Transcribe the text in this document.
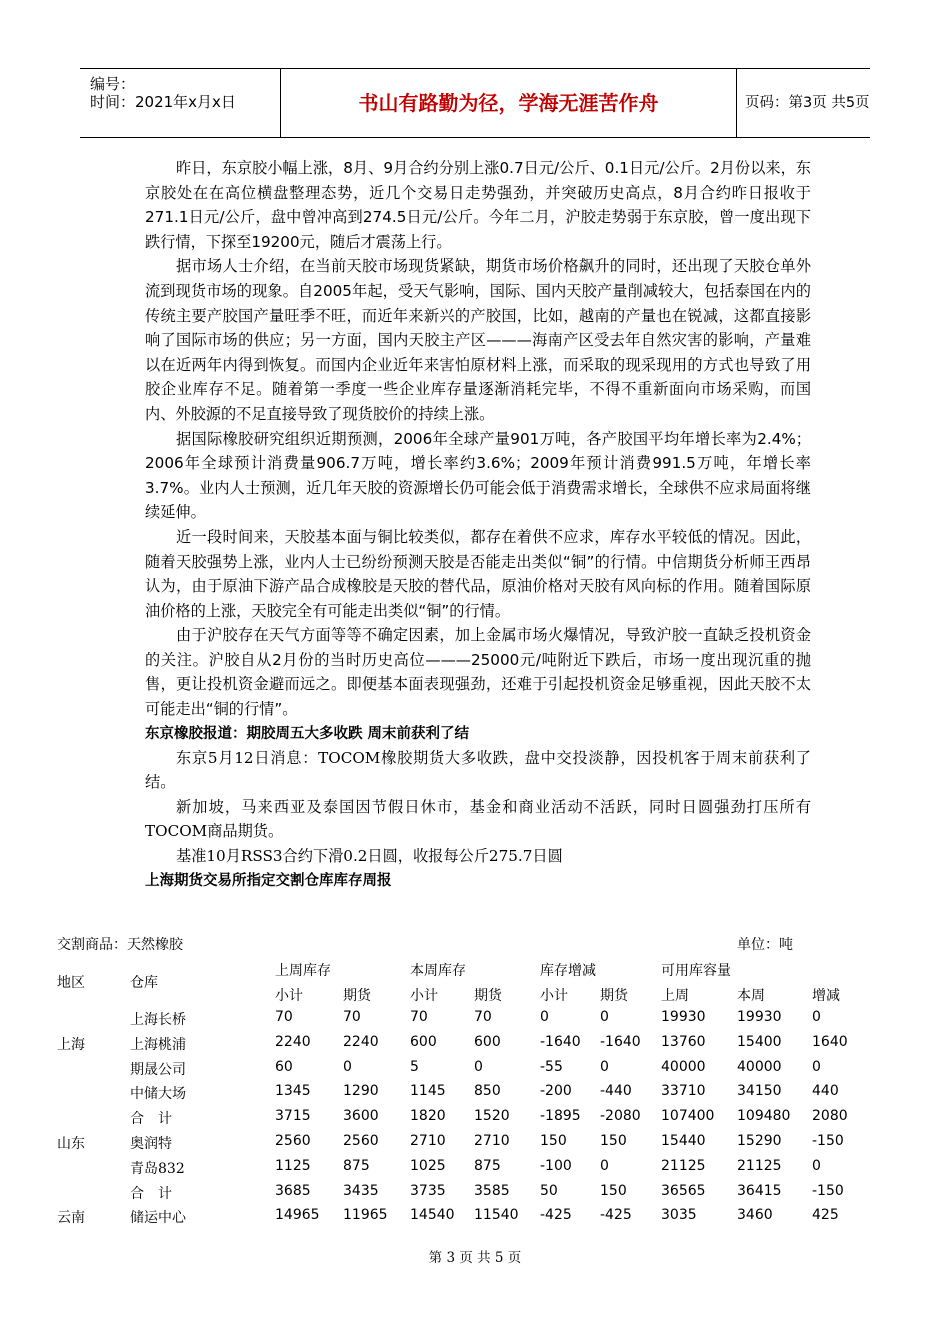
编号：
时间：2021年x月x日	书山有路勤为径，学海无涯苦作舟	页码：第3页 共5页

昨日，东京胶小幅上涨，8月、9月合约分别上涨0.7日元/公斤、0.1日元/公斤。2月份以来，东京胶处在在高位横盘整理态势，近几个交易日走势强劲，并突破历史高点，8月合约昨日报收于271.1日元/公斤，盘中曾冲高到274.5日元/公斤。今年二月，沪胶走势弱于东京胶，曾一度出现下跌行情，下探至19200元，随后才震荡上行。

据市场人士介绍，在当前天胶市场现货紧缺，期货市场价格飙升的同时，还出现了天胶仓单外流到现货市场的现象。自2005年起，受天气影响，国际、国内天胶产量削减较大，包括泰国在内的传统主要产胶国产量旺季不旺，而近年来新兴的产胶国，比如，越南的产量也在锐减，这都直接影响了国际市场的供应；另一方面，国内天胶主产区———海南产区受去年自然灾害的影响，产量难以在近两年内得到恢复。而国内企业近年来害怕原材料上涨，而采取的现采现用的方式也导致了用胶企业库存不足。随着第一季度一些企业库存量逐渐消耗完毕，不得不重新面向市场采购，而国内、外胶源的不足直接导致了现货胶价的持续上涨。

据国际橡胶研究组织近期预测，2006年全球产量901万吨，各产胶国平均年增长率为2.4%；2006年全球预计消费量906.7万吨，增长率约3.6%；2009年预计消费991.5万吨，年增长率3.7%。业内人士预测，近几年天胶的资源增长仍可能会低于消费需求增长，全球供不应求局面将继续延伸。

近一段时间来，天胶基本面与铜比较类似，都存在着供不应求，库存水平较低的情况。因此，随着天胶强势上涨，业内人士已纷纷预测天胶是否能走出类似“铜”的行情。中信期货分析师王西昂认为，由于原油下游产品合成橡胶是天胶的替代品，原油价格对天胶有风向标的作用。随着国际原油价格的上涨，天胶完全有可能走出类似“铜”的行情。

由于沪胶存在天气方面等等不确定因素，加上金属市场火爆情况，导致沪胶一直缺乏投机资金的关注。沪胶自从2月份的当时历史高位———25000元/吨附近下跌后，市场一度出现沉重的抛售，更让投机资金避而远之。即便基本面表现强劲，还难于引起投机资金足够重视，因此天胶不太可能走出“铜的行情”。

东京橡胶报道：期胶周五大多收跌 周末前获利了结

东京5月12日消息：TOCOM橡胶期货大多收跌，盘中交投淡静，因投机客于周末前获利了结。

新加坡，马来西亚及泰国因节假日休市，基金和商业活动不活跃，同时日圆强劲打压所有TOCOM商品期货。

基准10月RSS3合约下滑0.2日圆，收报每公斤275.7日圆

上海期货交易所指定交割仓库库存周报

交割商品：天然橡胶	单位：吨
地区	仓库
上周库存	本周库存	库存增减	可用库容量
小计	期货	小计	期货	小计 期货 上周	本周	增减
上海长桥	70	70	70	70	0	0	19930 19930 0
上海	上海桃浦	2240 2240 600	600	-1640 -1640 13760 15400 1640
期晟公司	60	0	5	0	-55	0	40000 40000 0
中储大场	1345 1290 1145 850	-200 -440 33710 34150 440
合　计	3715 3600 1820 1520 -1895 -2080 107400 109480 2080
山东	奥润特	2560 2560 2710 2710 150 150 15440 15290 -150
青岛832	1125 875	1025 875	-100 0	21125 21125 0
合　计	3685 3435 3735 3585 50	150 36565 36415 -150
云南	储运中心	14965 11965 14540 11540 -425 -425 3035	3460	425
第 3 页 共 5 页
